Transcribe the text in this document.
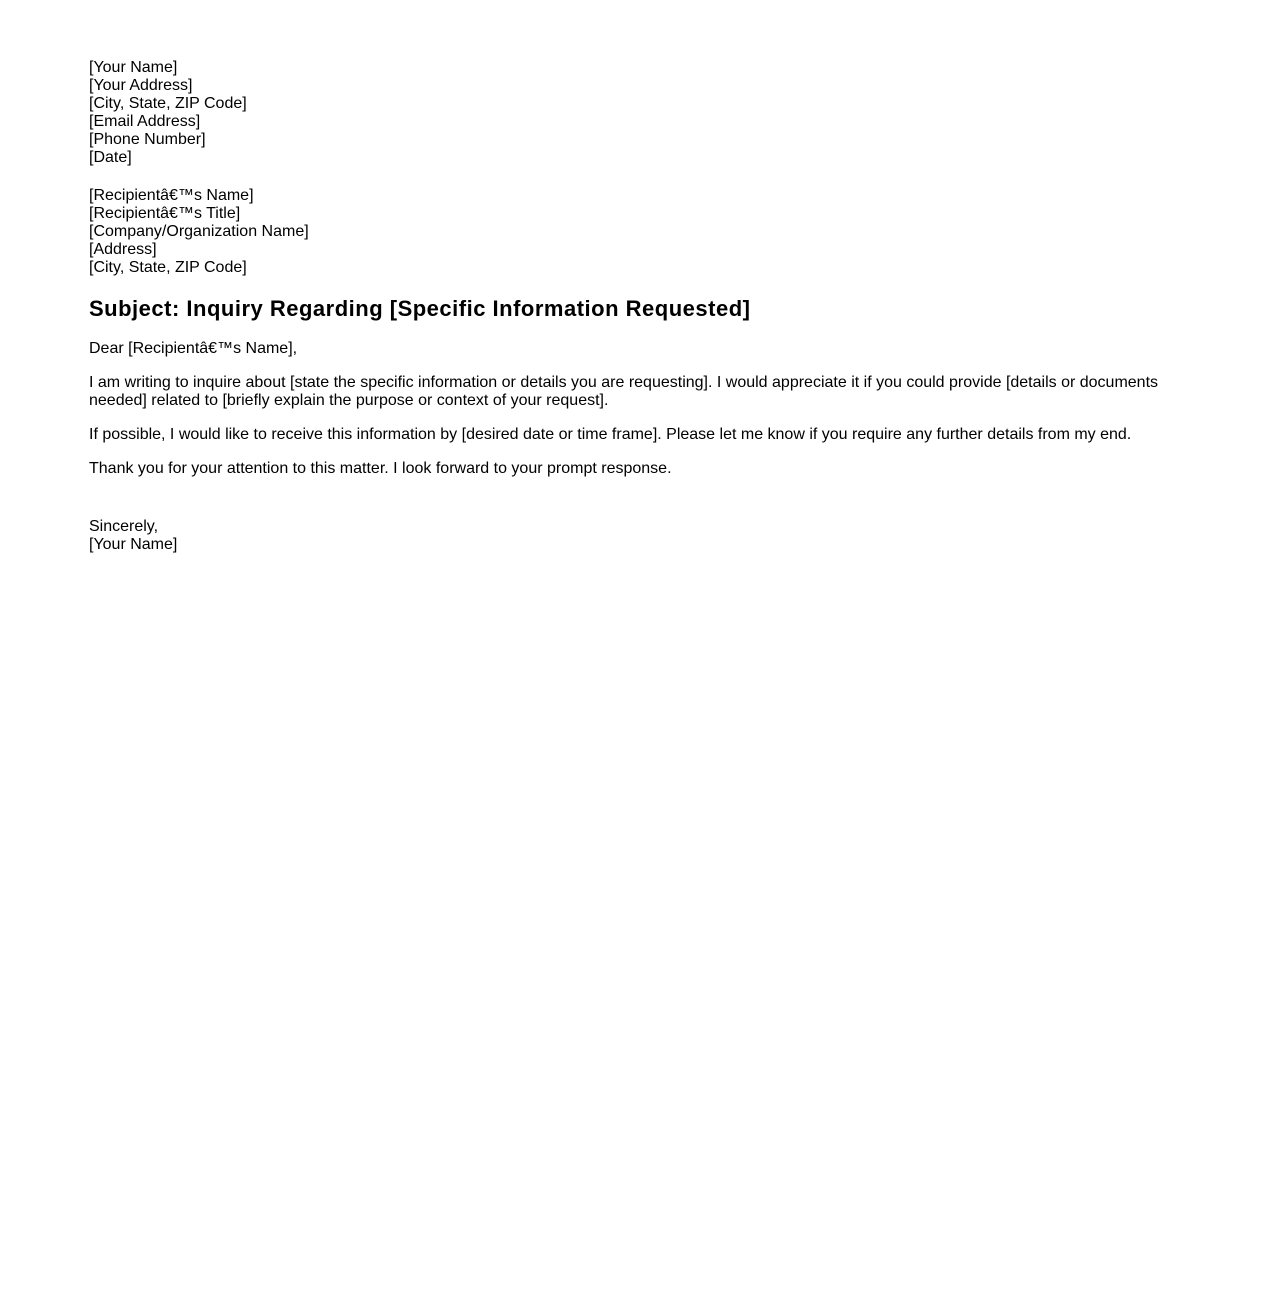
[Your Name]
[Your Address]
[City, State, ZIP Code]
[Email Address]
[Phone Number]
[Date]
[Recipientâ€™s Name]
[Recipientâ€™s Title]
[Company/Organization Name]
[Address]
[City, State, ZIP Code]
Subject: Inquiry Regarding [Specific Information Requested]
Dear [Recipientâ€™s Name],
I am writing to inquire about [state the specific information or details you are requesting]. I would appreciate it if you could provide [details or documents needed] related to [briefly explain the purpose or context of your request].
If possible, I would like to receive this information by [desired date or time frame]. Please let me know if you require any further details from my end.
Thank you for your attention to this matter. I look forward to your prompt response.
Sincerely,
[Your Name]
